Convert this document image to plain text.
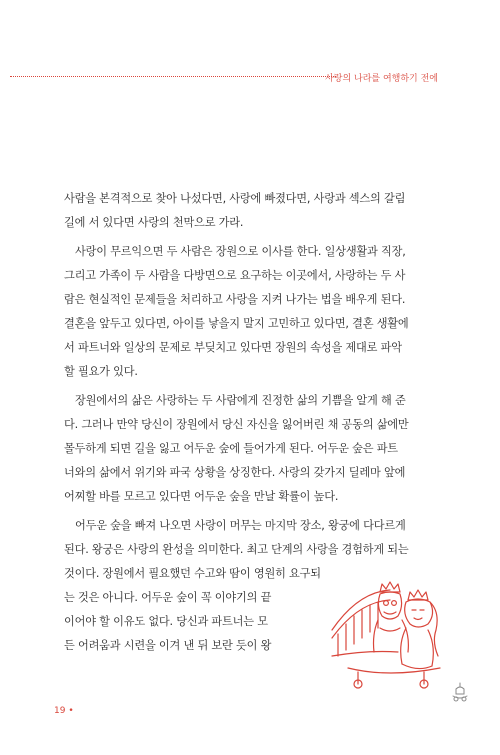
사랑의 나라를 여행하기 전에
사람을 본격적으로 찾아 나섰다면, 사랑에 빠졌다면, 사랑과 섹스의 갈림
길에 서 있다면 사랑의 천막으로 가라.
사랑이 무르익으면 두 사람은 장원으로 이사를 한다. 일상생활과 직장,
그리고 가족이 두 사람을 다방면으로 요구하는 이곳에서, 사랑하는 두 사
람은 현실적인 문제들을 처리하고 사랑을 지켜 나가는 법을 배우게 된다.
결혼을 앞두고 있다면, 아이를 낳을지 말지 고민하고 있다면, 결혼 생활에
서 파트너와 일상의 문제로 부딪치고 있다면 장원의 속성을 제대로 파악
할 필요가 있다.
장원에서의 삶은 사랑하는 두 사람에게 진정한 삶의 기쁨을 알게 해 준
다. 그러나 만약 당신이 장원에서 당신 자신을 잃어버린 채 공동의 삶에만
몰두하게 되면 길을 잃고 어두운 숲에 들어가게 된다. 어두운 숲은 파트
너와의 삶에서 위기와 파국 상황을 상징한다. 사랑의 갖가지 딜레마 앞에
어찌할 바를 모르고 있다면 어두운 숲을 만날 확률이 높다.
어두운 숲을 빠져 나오면 사랑이 머무는 마지막 장소, 왕궁에 다다르게
된다. 왕궁은 사랑의 완성을 의미한다. 최고 단계의 사랑을 경험하게 되는
것이다. 장원에서 필요했던 수고와 땀이 영원히 요구되
는 것은 아니다. 어두운 숲이 꼭 이야기의 끝
이어야 할 이유도 없다. 당신과 파트너는 모
든 어려움과 시련을 이겨 낸 뒤 보란 듯이 왕
19 •
